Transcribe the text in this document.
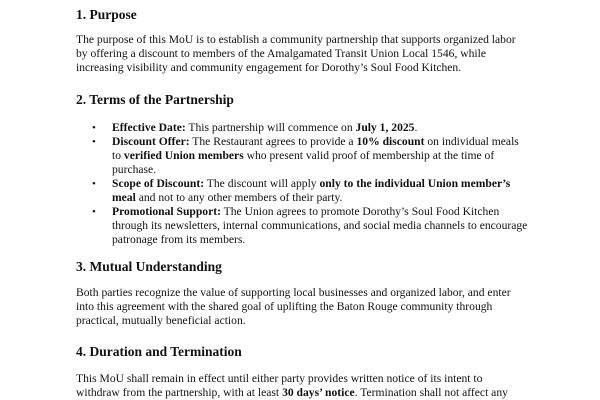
1. Purpose
The purpose of this MoU is to establish a community partnership that supports organized labor
by offering a discount to members of the Amalgamated Transit Union Local 1546, while
increasing visibility and community engagement for Dorothy’s Soul Food Kitchen.
2. Terms of the Partnership
• Effective Date: This partnership will commence on July 1, 2025.
• Discount Offer: The Restaurant agrees to provide a 10% discount on individual meals
to verified Union members who present valid proof of membership at the time of
purchase.
• Scope of Discount: The discount will apply only to the individual Union member’s
meal and not to any other members of their party.
• Promotional Support: The Union agrees to promote Dorothy’s Soul Food Kitchen
through its newsletters, internal communications, and social media channels to encourage
patronage from its members.
3. Mutual Understanding
Both parties recognize the value of supporting local businesses and organized labor, and enter
into this agreement with the shared goal of uplifting the Baton Rouge community through
practical, mutually beneficial action.
4. Duration and Termination
This MoU shall remain in effect until either party provides written notice of its intent to
withdraw from the partnership, with at least 30 days’ notice. Termination shall not affect any
